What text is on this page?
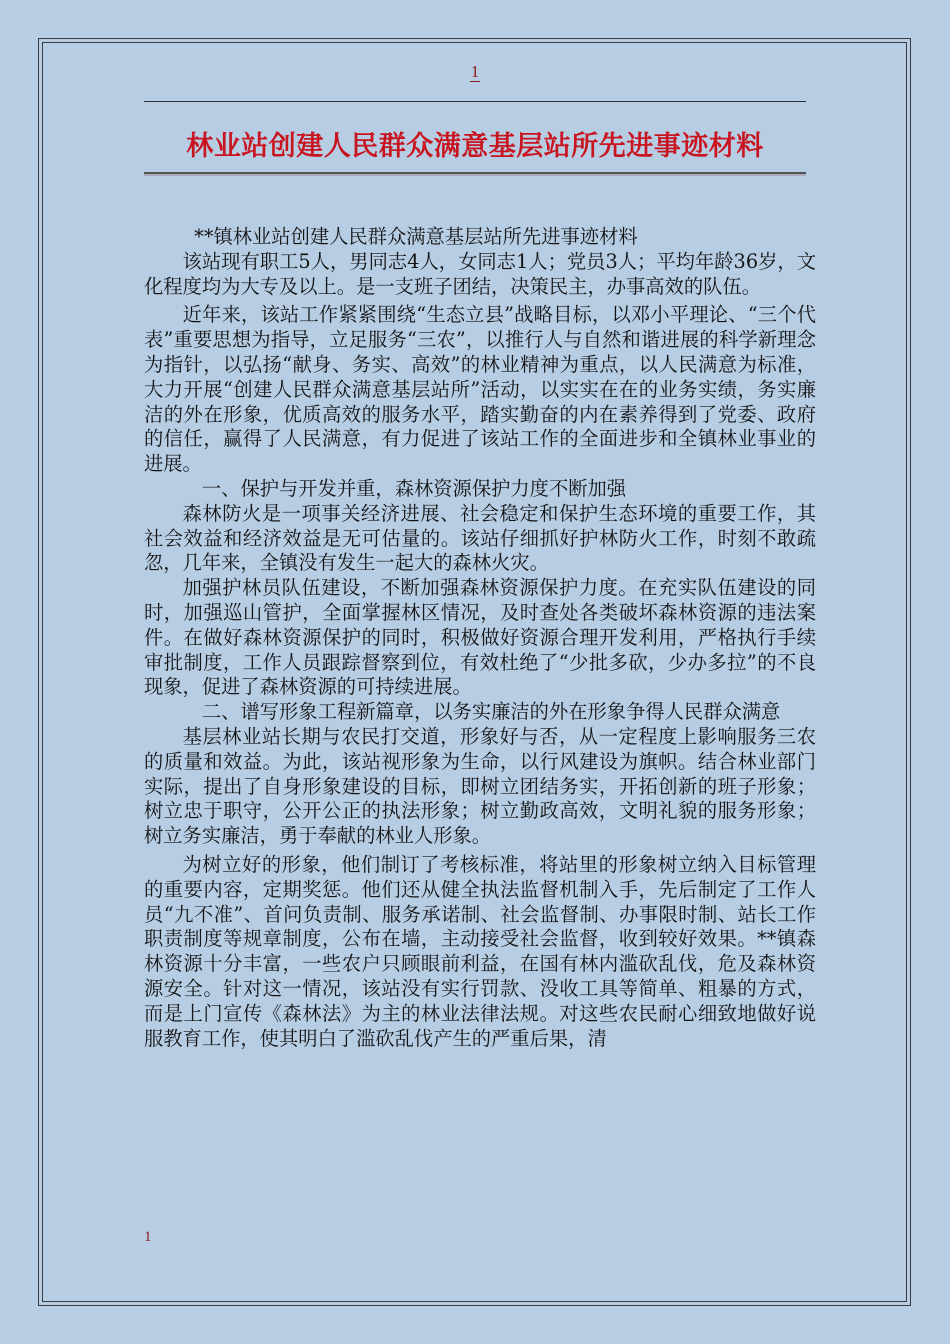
1
林业站创建人民群众满意基层站所先进事迹材料

**镇林业站创建人民群众满意基层站所先进事迹材料

该站现有职工5人，男同志4人，女同志1人；党员3人；平均年龄36岁，文化程度均为大专及以上。是一支班子团结，决策民主，办事高效的队伍。

近年来，该站工作紧紧围绕“生态立县”战略目标，以邓小平理论、“三个代表”重要思想为指导，立足服务“三农”，以推行人与自然和谐进展的科学新理念为指针，以弘扬“献身、务实、高效”的林业精神为重点，以人民满意为标准，大力开展“创建人民群众满意基层站所”活动，以实实在在的业务实绩，务实廉洁的外在形象，优质高效的服务水平，踏实勤奋的内在素养得到了党委、政府的信任，赢得了人民满意，有力促进了该站工作的全面进步和全镇林业事业的进展。

一、保护与开发并重，森林资源保护力度不断加强

森林防火是一项事关经济进展、社会稳定和保护生态环境的重要工作，其社会效益和经济效益是无可估量的。该站仔细抓好护林防火工作，时刻不敢疏忽，几年来，全镇没有发生一起大的森林火灾。

加强护林员队伍建设，不断加强森林资源保护力度。在充实队伍建设的同时，加强巡山管护，全面掌握林区情况，及时查处各类破坏森林资源的违法案件。在做好森林资源保护的同时，积极做好资源合理开发利用，严格执行手续审批制度，工作人员跟踪督察到位，有效杜绝了“少批多砍，少办多拉”的不良现象，促进了森林资源的可持续进展。

二、谱写形象工程新篇章，以务实廉洁的外在形象争得人民群众满意

基层林业站长期与农民打交道，形象好与否，从一定程度上影响服务三农的质量和效益。为此，该站视形象为生命，以行风建设为旗帜。结合林业部门实际，提出了自身形象建设的目标，即树立团结务实，开拓创新的班子形象；树立忠于职守，公开公正的执法形象；树立勤政高效，文明礼貌的服务形象；树立务实廉洁，勇于奉献的林业人形象。

为树立好的形象，他们制订了考核标准，将站里的形象树立纳入目标管理的重要内容，定期奖惩。他们还从健全执法监督机制入手，先后制定了工作人员“九不准”、首问负责制、服务承诺制、社会监督制、办事限时制、站长工作职责制度等规章制度，公布在墙，主动接受社会监督，收到较好效果。**镇森林资源十分丰富，一些农户只顾眼前利益，在国有林内滥砍乱伐，危及森林资源安全。针对这一情况，该站没有实行罚款、没收工具等简单、粗暴的方式，而是上门宣传《森林法》为主的林业法律法规。对这些农民耐心细致地做好说服教育工作，使其明白了滥砍乱伐产生的严重后果，清

1
